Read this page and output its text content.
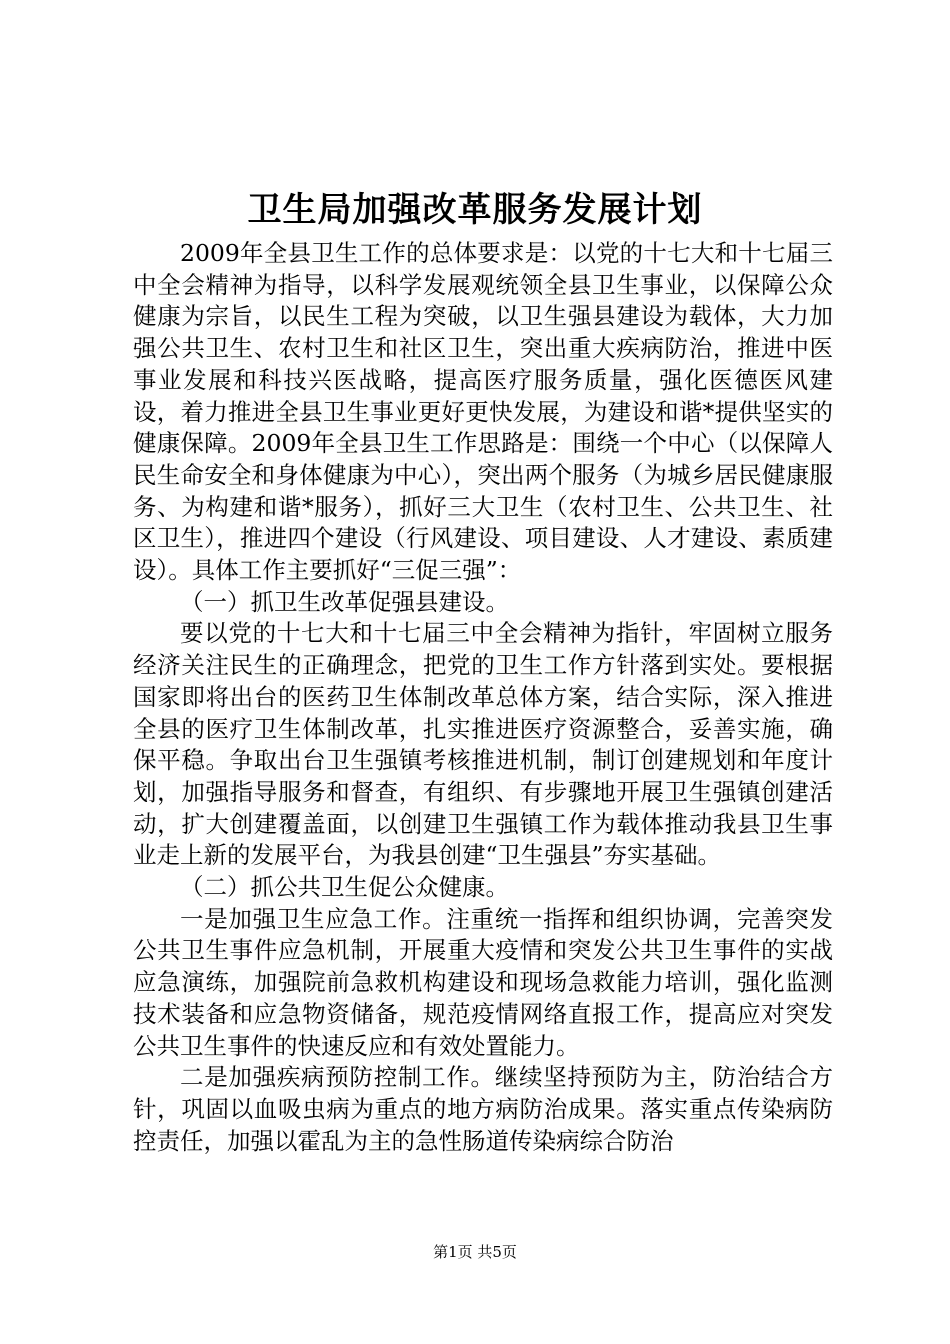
卫生局加强改革服务发展计划

2009年全县卫生工作的总体要求是：以党的十七大和十七届三中全会精神为指导，以科学发展观统领全县卫生事业，以保障公众健康为宗旨，以民生工程为突破，以卫生强县建设为载体，大力加强公共卫生、农村卫生和社区卫生，突出重大疾病防治，推进中医事业发展和科技兴医战略，提高医疗服务质量，强化医德医风建设，着力推进全县卫生事业更好更快发展，为建设和谐*提供坚实的健康保障。2009年全县卫生工作思路是：围绕一个中心（以保障人民生命安全和身体健康为中心），突出两个服务（为城乡居民健康服务、为构建和谐*服务），抓好三大卫生（农村卫生、公共卫生、社区卫生），推进四个建设（行风建设、项目建设、人才建设、素质建设）。具体工作主要抓好“三促三强”：

（一）抓卫生改革促强县建设。

要以党的十七大和十七届三中全会精神为指针，牢固树立服务经济关注民生的正确理念，把党的卫生工作方针落到实处。要根据国家即将出台的医药卫生体制改革总体方案，结合实际，深入推进全县的医疗卫生体制改革，扎实推进医疗资源整合，妥善实施，确保平稳。争取出台卫生强镇考核推进机制，制订创建规划和年度计划，加强指导服务和督查，有组织、有步骤地开展卫生强镇创建活动，扩大创建覆盖面，以创建卫生强镇工作为载体推动我县卫生事业走上新的发展平台，为我县创建“卫生强县”夯实基础。

（二）抓公共卫生促公众健康。

一是加强卫生应急工作。注重统一指挥和组织协调，完善突发公共卫生事件应急机制，开展重大疫情和突发公共卫生事件的实战应急演练，加强院前急救机构建设和现场急救能力培训，强化监测技术装备和应急物资储备，规范疫情网络直报工作，提高应对突发公共卫生事件的快速反应和有效处置能力。

二是加强疾病预防控制工作。继续坚持预防为主，防治结合方针，巩固以血吸虫病为重点的地方病防治成果。落实重点传染病防控责任，加强以霍乱为主的急性肠道传染病综合防治

第1页 共5页
